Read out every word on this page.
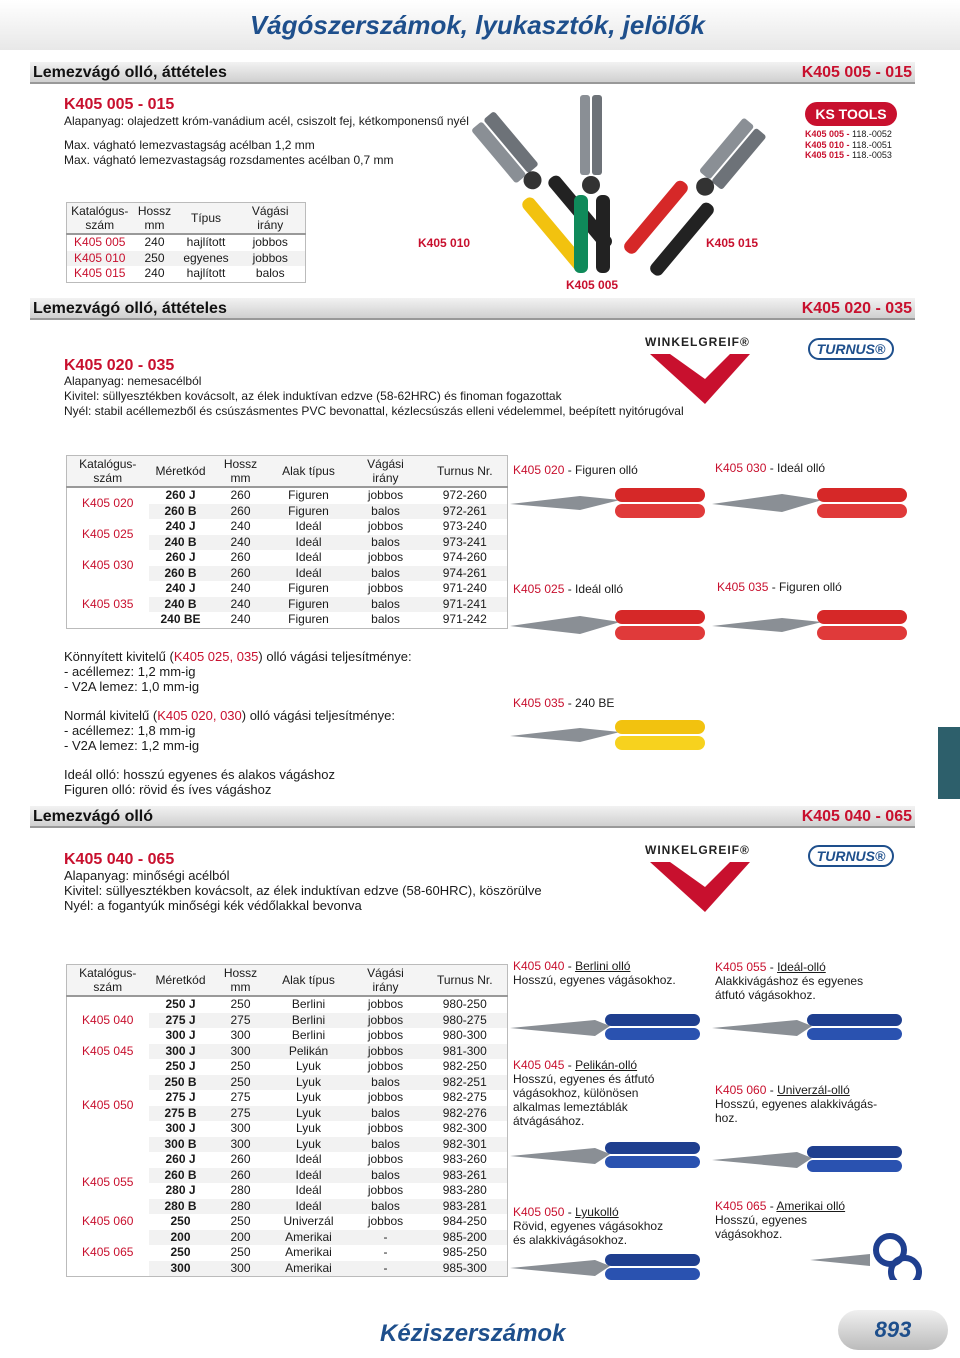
Vágószerszámok, lyukasztók, jelölők
Lemezvágó olló, áttételes	K405 005 - 015
K405 005 - 015
Alapanyag: olajedzett króm-vanádium acél, csiszolt fej, kétkomponensű nyél
Max. vágható lemezvastagság acélban 1,2 mm
Max. vágható lemezvastagság rozsdamentes acélban 0,7 mm
KS TOOLS
K405 005 - 118.-0052
K405 010 - 118.-0051
K405 015 - 118.-0053
Katalógus-szám	Hossz mm	Típus	Vágási irány
K405 005	240	hajlított	jobbos
K405 010	250	egyenes	jobbos
K405 015	240	hajlított	balos
K405 010
K405 005
K405 015
Lemezvágó olló, áttételes	K405 020 - 035
WINKELGREIF®	TURNUS®
K405 020 - 035
Alapanyag: nemesacélból
Kivitel: süllyesztékben kovácsolt, az élek induktívan edzve (58-62HRC) és finoman fogazottak
Nyél: stabil acéllemezből és csúszásmentes PVC bevonattal, kézlecsúszás elleni védelemmel, beépített nyitórugóval
Katalógus-szám	Méretkód	Hossz mm	Alak típus	Vágási irány	Turnus Nr.
K405 020	260 J	260	Figuren	jobbos	972-260
	260 B	260	Figuren	balos	972-261
K405 025	240 J	240	Ideál	jobbos	973-240
	240 B	240	Ideál	balos	973-241
K405 030	260 J	260	Ideál	jobbos	974-260
	260 B	260	Ideál	balos	974-261
K405 035	240 J	240	Figuren	jobbos	971-240
	240 B	240	Figuren	balos	971-241
	240 BE	240	Figuren	balos	971-242
Könnyített kivitelű (K405 025, 035) olló vágási teljesítménye:
- acéllemez: 1,2 mm-ig
- V2A lemez: 1,0 mm-ig
Normál kivitelű (K405 020, 030) olló vágási teljesítménye:
- acéllemez: 1,8 mm-ig
- V2A lemez: 1,2 mm-ig
Ideál olló: hosszú egyenes és alakos vágáshoz
Figuren olló: rövid és íves vágáshoz
K405 020 - Figuren olló	K405 030 - Ideál olló
K405 025 - Ideál olló	K405 035 - Figuren olló
K405 035 - 240 BE
Lemezvágó olló	K405 040 - 065
WINKELGREIF®	TURNUS®
K405 040 - 065
Alapanyag: minőségi acélból
Kivitel: süllyesztékben kovácsolt, az élek induktívan edzve (58-60HRC), köszörülve
Nyél: a fogantyúk minőségi kék védőlakkal bevonva
Katalógus-szám	Méretkód	Hossz mm	Alak típus	Vágási irány	Turnus Nr.
K405 040	250 J	250	Berlini	jobbos	980-250
	275 J	275	Berlini	jobbos	980-275
	300 J	300	Berlini	jobbos	980-300
K405 045	300 J	300	Pelikán	jobbos	981-300
K405 050	250 J	250	Lyuk	jobbos	982-250
	250 B	250	Lyuk	balos	982-251
	275 J	275	Lyuk	jobbos	982-275
	275 B	275	Lyuk	balos	982-276
	300 J	300	Lyuk	jobbos	982-300
	300 B	300	Lyuk	balos	982-301
K405 055	260 J	260	Ideál	jobbos	983-260
	260 B	260	Ideál	balos	983-261
	280 J	280	Ideál	jobbos	983-280
	280 B	280	Ideál	balos	983-281
K405 060	250	250	Univerzál	jobbos	984-250
K405 065	200	200	Amerikai	-	985-200
	250	250	Amerikai	-	985-250
	300	300	Amerikai	-	985-300
K405 040 - Berlini olló
Hosszú, egyenes vágásokhoz.
K405 055 - Ideál-olló
Alakkivágáshoz és egyenes
átfutó vágásokhoz.
K405 045 - Pelikán-olló
Hosszú, egyenes és átfutó
vágásokhoz, különösen
alkalmas lemeztáblák
átvágásához.
K405 060 - Univerzál-olló
Hosszú, egyenes alakkivágás-
hoz.
K405 050 - Lyukolló
Rövid, egyenes vágásokhoz
és alakkivágásokhoz.
K405 065 - Amerikai olló
Hosszú, egyenes
vágásokhoz.
Kéziszerszámok	893
